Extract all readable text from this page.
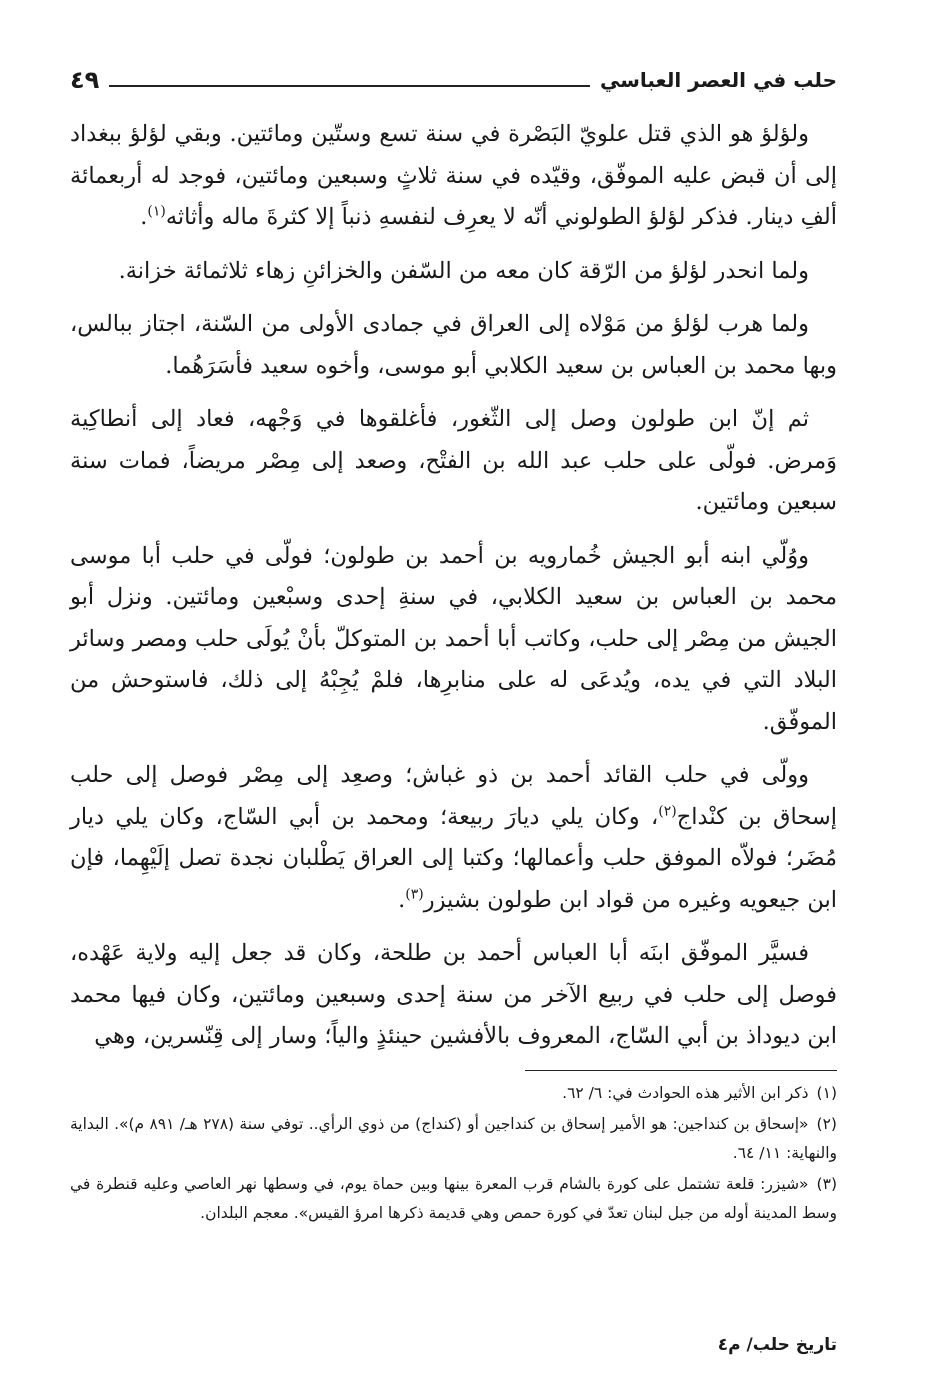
حلب في العصر العباسي
٤٩

ولؤلؤ هو الذي قتل علويّ البَصْرة في سنة تسع وستّين ومائتين. وبقي لؤلؤ ببغداد إلى أن قبض عليه الموفّق، وقيّده في سنة ثلاثٍ وسبعين ومائتين، فوجد له أربعمائة ألفِ دينار. فذكر لؤلؤ الطولوني أنّه لا يعرِف لنفسهِ ذنباً إلا كثرةَ ماله وأثاثه$^{(١)}$.

ولما انحدر لؤلؤ من الرّقة كان معه من السّفن والخزائنِ زهاء ثلاثمائة خزانة.

ولما هرب لؤلؤ من مَوْلاه إلى العراق في جمادى الأولى من السّنة، اجتاز ببالس، وبها محمد بن العباس بن سعيد الكلابي أبو موسى، وأخوه سعيد فأسَرَهُما.

ثم إنّ ابن طولون وصل إلى الثّغور، فأغلقوها في وَجْهه، فعاد إلى أنطاكِية وَمرض. فولّى على حلب عبد الله بن الفتْح، وصعد إلى مِصْر مريضاً، فمات سنة سبعين ومائتين.

ووُلّي ابنه أبو الجيش خُمارويه بن أحمد بن طولون؛ فولّى في حلب أبا موسى محمد بن العباس بن سعيد الكلابي، في سنةِ إحدى وسبْعين ومائتين. ونزل أبو الجيش من مِصْر إلى حلب، وكاتب أبا أحمد بن المتوكلّ بأنْ يُولَى حلب ومصر وسائر البلاد التي في يده، ويُدعَى له على منابرِها، فلمْ يُجِبْهُ إلى ذلك، فاستوحش من الموفّق.

وولّى في حلب القائد أحمد بن ذو غباش؛ وصعِد إلى مِصْر فوصل إلى حلب إسحاق بن كنْداج$^{(٢)}$، وكان يلي ديارَ ربيعة؛ ومحمد بن أبي السّاج، وكان يلي ديار مُضَر؛ فولاّه الموفق حلب وأعمالها؛ وكتبا إلى العراق يَطْلبان نجدة تصل إلَيْهِما، فإن ابن جيعويه وغيره من قواد ابن طولون بشيزر$^{(٣)}$.

فسيَّر الموفّق ابنَه أبا العباس أحمد بن طلحة، وكان قد جعل إليه ولاية عَهْده، فوصل إلى حلب في ربيع الآخر من سنة إحدى وسبعين ومائتين، وكان فيها محمد ابن ديوداذ بن أبي السّاج، المعروف بالأفشين حينئذٍ والياً؛ وسار إلى قِنّسرين، وهي

(١)ذكر ابن الأثير هذه الحوادث في: ٦/ ٦٢.

(٢)«إسحاق بن كنداجين: هو الأمير إسحاق بن كنداجين أو (كنداج) من ذوي الرأي.. توفي سنة (٢٧٨ هـ/ ٨٩١ م)». البداية والنهاية: ١١/ ٦٤.

(٣)«شيزر: قلعة تشتمل على كورة بالشام قرب المعرة بينها وبين حماة يوم، في وسطها نهر العاصي وعليه قنطرة في وسط المدينة أوله من جبل لبنان تعدّ في كورة حمص وهي قديمة ذكرها امرؤ القيس». معجم البلدان.

تاريخ حلب/ م٤
